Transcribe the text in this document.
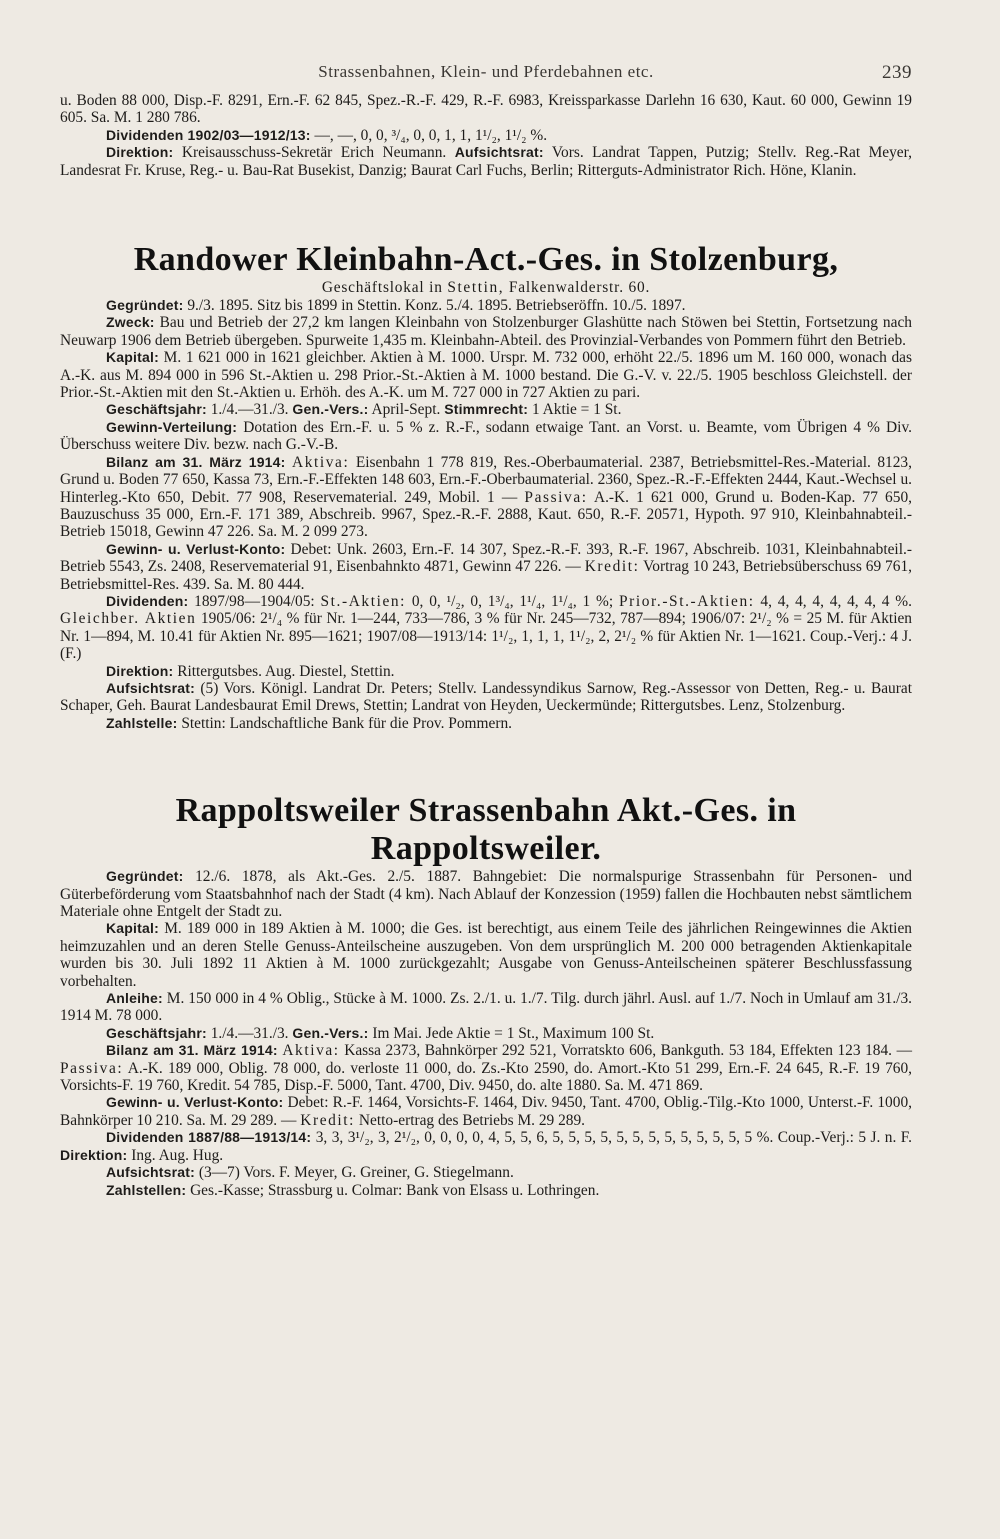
Strassenbahnen, Klein- und Pferdebahnen etc.	239

u. Boden 88 000, Disp.-F. 8291, Ern.-F. 62 845, Spez.-R.-F. 429, R.-F. 6983, Kreissparkasse Darlehn 16 630, Kaut. 60 000, Gewinn 19 605. Sa. M. 1 280 786.

Dividenden 1902/03—1912/13: —, —, 0, 0, ³/₄, 0, 0, 1, 1, 1¹/₂, 1¹/₂ %.

Direktion: Kreisausschuss-Sekretär Erich Neumann. Aufsichtsrat: Vors. Landrat Tappen, Putzig; Stellv. Reg.-Rat Meyer, Landesrat Fr. Kruse, Reg.- u. Bau-Rat Busekist, Danzig; Baurat Carl Fuchs, Berlin; Ritterguts-Administrator Rich. Höne, Klanin.

Randower Kleinbahn-Act.-Ges. in Stolzenburg,
Geschäftslokal in Stettin, Falkenwalderstr. 60.

Gegründet: 9./3. 1895. Sitz bis 1899 in Stettin. Konz. 5./4. 1895. Betriebseröffn. 10./5. 1897.

Zweck: Bau und Betrieb der 27,2 km langen Kleinbahn von Stolzenburger Glashütte nach Stöwen bei Stettin, Fortsetzung nach Neuwarp 1906 dem Betrieb übergeben. Spurweite 1,435 m. Kleinbahn-Abteil. des Provinzial-Verbandes von Pommern führt den Betrieb.

Kapital: M. 1 621 000 in 1621 gleichber. Aktien à M. 1000. Urspr. M. 732 000, erhöht 22./5. 1896 um M. 160 000, wonach das A.-K. aus M. 894 000 in 596 St.-Aktien u. 298 Prior.-St.-Aktien à M. 1000 bestand. Die G.-V. v. 22./5. 1905 beschloss Gleichstell. der Prior.-St.-Aktien mit den St.-Aktien u. Erhöh. des A.-K. um M. 727 000 in 727 Aktien zu pari.

Geschäftsjahr: 1./4.—31./3. Gen.-Vers.: April-Sept. Stimmrecht: 1 Aktie = 1 St.

Gewinn-Verteilung: Dotation des Ern.-F. u. 5 % z. R.-F., sodann etwaige Tant. an Vorst. u. Beamte, vom Übrigen 4 % Div. Überschuss weitere Div. bezw. nach G.-V.-B.

Bilanz am 31. März 1914: Aktiva: Eisenbahn 1 778 819, Res.-Oberbaumaterial. 2387, Betriebsmittel-Res.-Material. 8123, Grund u. Boden 77 650, Kassa 73, Ern.-F.-Effekten 148 603, Ern.-F.-Oberbaumaterial. 2360, Spez.-R.-F.-Effekten 2444, Kaut.-Wechsel u. Hinterleg.-Kto 650, Debit. 77 908, Reservematerial. 249, Mobil. 1 — Passiva: A.-K. 1 621 000, Grund u. Boden-Kap. 77 650, Bauzuschuss 35 000, Ern.-F. 171 389, Abschreib. 9967, Spez.-R.-F. 2888, Kaut. 650, R.-F. 20571, Hypoth. 97 910, Kleinbahnabteil.-Betrieb 15018, Gewinn 47 226. Sa. M. 2 099 273.

Gewinn- u. Verlust-Konto: Debet: Unk. 2603, Ern.-F. 14 307, Spez.-R.-F. 393, R.-F. 1967, Abschreib. 1031, Kleinbahnabteil.-Betrieb 5543, Zs. 2408, Reservematerial 91, Eisenbahnkto 4871, Gewinn 47 226. — Kredit: Vortrag 10 243, Betriebsüberschuss 69 761, Betriebsmittel-Res. 439. Sa. M. 80 444.

Dividenden: 1897/98—1904/05: St.-Aktien: 0, 0, ¹/₂, 0, 1³/₄, 1¹/₄, 1¹/₄, 1 %; Prior.-St.-Aktien: 4, 4, 4, 4, 4, 4, 4, 4 %. Gleichber. Aktien 1905/06: 2¹/₄ % für Nr. 1—244, 733—786, 3 % für Nr. 245—732, 787—894; 1906/07: 2¹/₂ % = 25 M. für Aktien Nr. 1—894, M. 10.41 für Aktien Nr. 895—1621; 1907/08—1913/14: 1¹/₂, 1, 1, 1, 1¹/₂, 2, 2¹/₂ % für Aktien Nr. 1—1621. Coup.-Verj.: 4 J. (F.)

Direktion: Rittergutsbes. Aug. Diestel, Stettin.

Aufsichtsrat: (5) Vors. Königl. Landrat Dr. Peters; Stellv. Landessyndikus Sarnow, Reg.-Assessor von Detten, Reg.- u. Baurat Schaper, Geh. Baurat Landesbaurat Emil Drews, Stettin; Landrat von Heyden, Ueckermünde; Rittergutsbes. Lenz, Stolzenburg.

Zahlstelle: Stettin: Landschaftliche Bank für die Prov. Pommern.

Rappoltsweiler Strassenbahn Akt.-Ges. in Rappoltsweiler.

Gegründet: 12./6. 1878, als Akt.-Ges. 2./5. 1887. Bahngebiet: Die normalspurige Strassenbahn für Personen- und Güterbeförderung vom Staatsbahnhof nach der Stadt (4 km). Nach Ablauf der Konzession (1959) fallen die Hochbauten nebst sämtlichem Materiale ohne Entgelt der Stadt zu.

Kapital: M. 189 000 in 189 Aktien à M. 1000; die Ges. ist berechtigt, aus einem Teile des jährlichen Reingewinnes die Aktien heimzuzahlen und an deren Stelle Genuss-Anteilscheine auszugeben. Von dem ursprünglich M. 200 000 betragenden Aktienkapitale wurden bis 30. Juli 1892 11 Aktien à M. 1000 zurückgezahlt; Ausgabe von Genuss-Anteilscheinen späterer Beschlussfassung vorbehalten.

Anleihe: M. 150 000 in 4 % Oblig., Stücke à M. 1000. Zs. 2./1. u. 1./7. Tilg. durch jährl. Ausl. auf 1./7. Noch in Umlauf am 31./3. 1914 M. 78 000.

Geschäftsjahr: 1./4.—31./3. Gen.-Vers.: Im Mai. Jede Aktie = 1 St., Maximum 100 St.

Bilanz am 31. März 1914: Aktiva: Kassa 2373, Bahnkörper 292 521, Vorratskto 606, Bankguth. 53 184, Effekten 123 184. — Passiva: A.-K. 189 000, Oblig. 78 000, do. verloste 11 000, do. Zs.-Kto 2590, do. Amort.-Kto 51 299, Ern.-F. 24 645, R.-F. 19 760, Vorsichts-F. 19 760, Kredit. 54 785, Disp.-F. 5000, Tant. 4700, Div. 9450, do. alte 1880. Sa. M. 471 869.

Gewinn- u. Verlust-Konto: Debet: R.-F. 1464, Vorsichts-F. 1464, Div. 9450, Tant. 4700, Oblig.-Tilg.-Kto 1000, Unterst.-F. 1000, Bahnkörper 10 210. Sa. M. 29 289. — Kredit: Netto-ertrag des Betriebs M. 29 289.

Dividenden 1887/88—1913/14: 3, 3, 3¹/₂, 3, 2¹/₂, 0, 0, 0, 0, 4, 5, 5, 6, 5, 5, 5, 5, 5, 5, 5, 5, 5, 5, 5, 5, 5 %. Coup.-Verj.: 5 J. n. F. Direktion: Ing. Aug. Hug.

Aufsichtsrat: (3—7) Vors. F. Meyer, G. Greiner, G. Stiegelmann.

Zahlstellen: Ges.-Kasse; Strassburg u. Colmar: Bank von Elsass u. Lothringen.
